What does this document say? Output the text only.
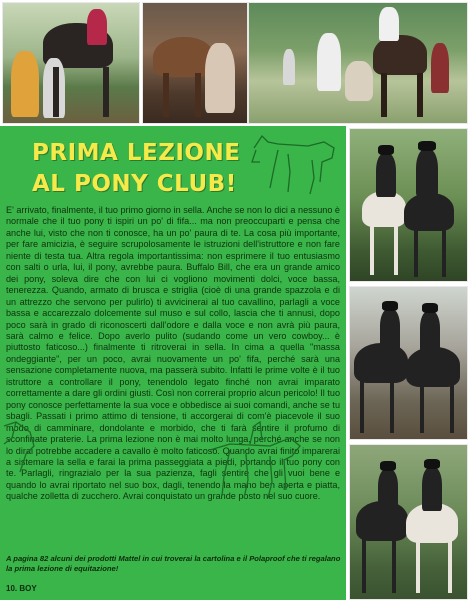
PRIMA LEZIONE
AL PONY CLUB!

E' arrivato, finalmente, il tuo primo giorno in sella. Anche se non lo dici a nessuno è normale che il tuo pony ti ispiri un po' di fifa... ma non preoccuparti e pensa che anche lui, visto che non ti conosce, ha un po' paura di te. La cosa più importante, per fare amicizia, è seguire scrupolosamente le istruzioni dell'istruttore e non fare niente di testa tua. Altra regola importantissima: non esprimere il tuo entusiasmo con salti o urla, lui, il pony, avrebbe paura. Buffalo Bill, che era un grande amico dei pony, soleva dire che con lui ci vogliono movimenti dolci, voce bassa, tenerezza. Quando, armato di brusca e striglia (cioè di una grande spazzola e di un attrezzo che servono per pulirlo) ti avvicinerai al tuo cavallino, parlagli a voce bassa e accarezzalo dolcemente sul muso e sul collo, lascia che ti annusi, dopo poco sarà in grado di riconoscerti dall'odore e dalla voce e non avrà più paura, sarà calmo e felice. Dopo averlo pulito (sudando come un vero cowboy... è piuttosto faticoso...) finalmente ti ritroverai in sella. In cima a quella "massa ondeggiante", per un poco, avrai nuovamente un po' fifa, perché sarà una sensazione completamente nuova, ma passerà subito. Infatti le prime volte è il tuo istruttore a controllare il pony, tenendolo legato finché non avrai imparato correttamente a dare gli ordini giusti. Così non correrai proprio alcun pericolo! Il tuo pony conosce perfettamente la sua voce e obbedisce ai suoi comandi, anche se tu sbagli. Passati i primo attimo di tensione, ti accorgerai di com'è piacevole il suo modo di camminare, dondolante e morbido, che ti farà sentire il profumo di sconfinate praterie. La prima lezione non è mai molto lunga, perché anche se non lo dirai potrebbe accadere a cavallo è molto faticoso. Quando avrai finito imparerai a sistemare la sella e farai la prima passeggiata a piedi, portando il tuo pony con te. Parlagli, ringrazialo per la sua pazienza, fagli sentire che gli vuoi bene e quando lo avrai riportato nel suo box, dagli, tenendo la mano ben aperta e piatta, qualche zolletta di zucchero. Avrai conquistato un grande posto nel suo cuore.

A pagina 82 alcuni dei prodotti Mattel in cui troverai la cartolina e il Polaproof che ti regalano la prima lezione di equitazione!

10. BOY
